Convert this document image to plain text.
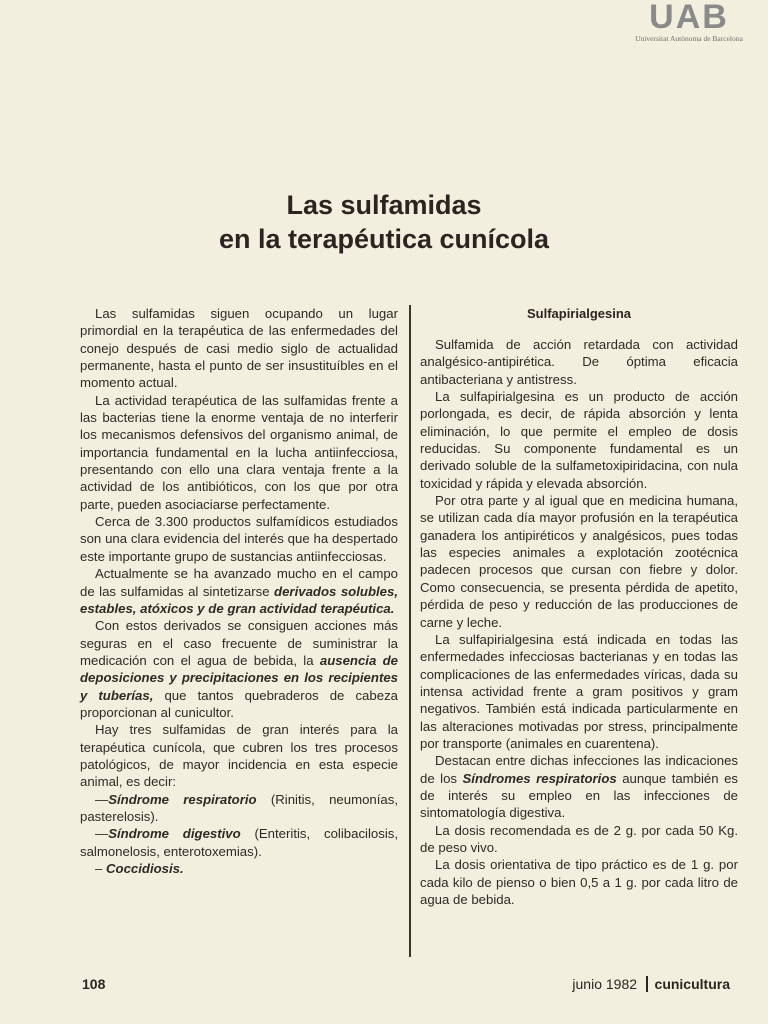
UAB
Universitat Autònoma de Barcelona
Las sulfamidas
en la terapéutica cunícola

Las sulfamidas siguen ocupando un lugar primordial en la terapéutica de las enfermedades del conejo después de casi medio siglo de actualidad permanente, hasta el punto de ser insustituíbles en el momento actual.

La actividad terapéutica de las sulfamidas frente a las bacterias tiene la enorme ventaja de no interferir los mecanismos defensivos del organismo animal, de importancia fundamental en la lucha antiinfecciosa, presentando con ello una clara ventaja frente a la actividad de los antibióticos, con los que por otra parte, pueden asociaciarse perfectamente.

Cerca de 3.300 productos sulfamídicos estudiados son una clara evidencia del interés que ha despertado este importante grupo de sustancias antiinfecciosas.

Actualmente se ha avanzado mucho en el campo de las sulfamidas al sintetizarse derivados solubles, estables, atóxicos y de gran actividad terapéutica.

Con estos derivados se consiguen acciones más seguras en el caso frecuente de suministrar la medicación con el agua de bebida, la ausencia de deposiciones y precipitaciones en los recipientes y tuberías, que tantos quebraderos de cabeza proporcionan al cunicultor.

Hay tres sulfamidas de gran interés para la terapéutica cunícola, que cubren los tres procesos patológicos, de mayor incidencia en esta especie animal, es decir:

—Síndrome respiratorio (Rinitis, neumonías, pasterelosis).

—Síndrome digestivo (Enteritis, colibacilosis, salmonelosis, enterotoxemias).

– Coccidiosis.

Sulfapirialgesina

Sulfamida de acción retardada con actividad analgésico-antipirética. De óptima eficacia antibacteriana y antistress.

La sulfapirialgesina es un producto de acción porlongada, es decir, de rápida absorción y lenta eliminación, lo que permite el empleo de dosis reducidas. Su componente fundamental es un derivado soluble de la sulfametoxipiridacina, con nula toxicidad y rápida y elevada absorción.

Por otra parte y al igual que en medicina humana, se utilizan cada día mayor profusión en la terapéutica ganadera los antipiréticos y analgésicos, pues todas las especies animales a explotación zootécnica padecen procesos que cursan con fiebre y dolor. Como consecuencia, se presenta pérdida de apetito, pérdida de peso y reducción de las producciones de carne y leche.

La sulfapirialgesina está indicada en todas las enfermedades infecciosas bacterianas y en todas las complicaciones de las enfermedades víricas, dada su intensa actividad frente a gram positivos y gram negativos. También está indicada particularmente en las alteraciones motivadas por stress, principalmente por transporte (animales en cuarentena).

Destacan entre dichas infecciones las indicaciones de los Síndromes respiratorios aunque también es de interés su empleo en las infecciones de sintomatología digestiva.

La dosis recomendada es de 2 g. por cada 50 Kg. de peso vivo.

La dosis orientativa de tipo práctico es de 1 g. por cada kilo de pienso o bien 0,5 a 1 g. por cada litro de agua de bebida.

108	junio 1982 cunicultura
